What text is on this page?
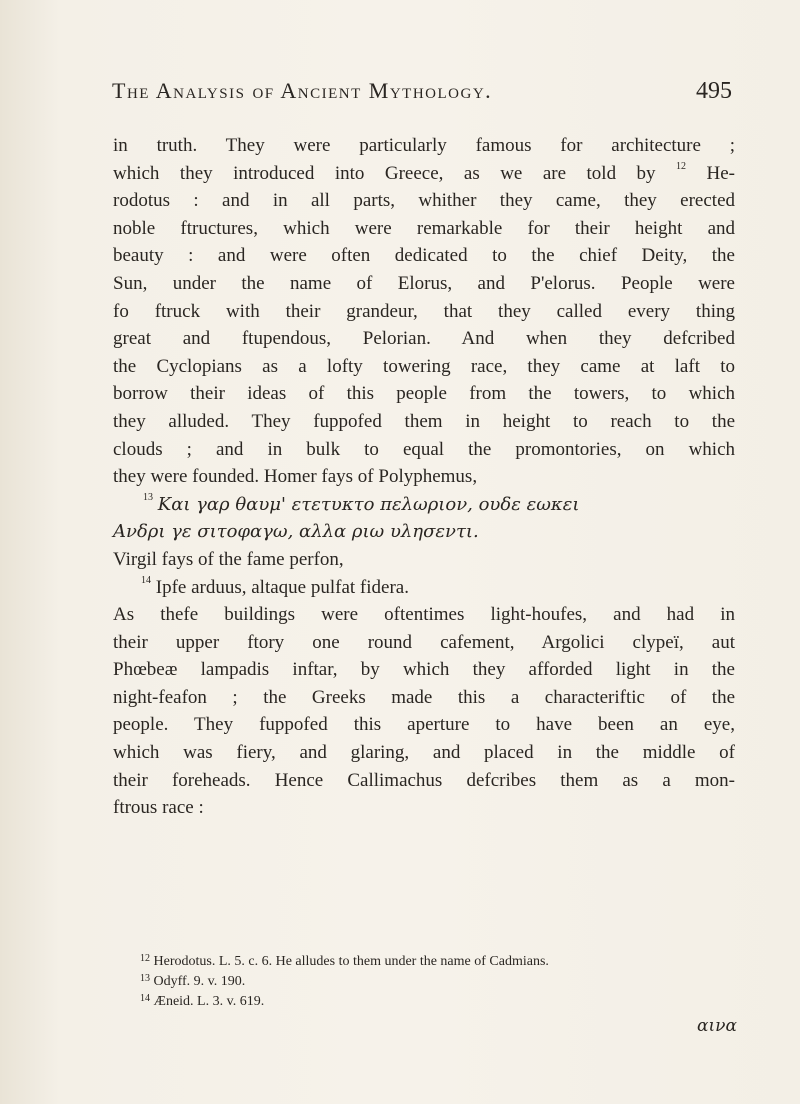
The Analysis of Ancient Mythology.	495
in truth. They were particularly famous for architecture ;
which they introduced into Greece, as we are told by $^{12}$ He-
rodotus : and in all parts, whither they came, they erected
noble ftructures, which were remarkable for their height and
beauty : and were often dedicated to the chief Deity, the
Sun, under the name of Elorus, and P'elorus. People were
fo ftruck with their grandeur, that they called every thing
great and ftupendous, Pelorian. And when they defcribed
the Cyclopians as a lofty towering race, they came at laft to
borrow their ideas of this people from the towers, to which
they alluded. They fuppofed them in height to reach to the
clouds ; and in bulk to equal the promontories, on which
they were founded. Homer fays of Polyphemus,
$^{13}$ Και γαρ θαυμ' ετετυκτο πελωριον, ουδε εωκει
Ανδρι γε σιτοφαγω, αλλα ριω υλησεντι.
Virgil fays of the fame perfon,
$^{14}$ Ipfe arduus, altaque pulfat fidera.
As thefe buildings were oftentimes light-houfes, and had in
their upper ftory one round cafement, Argolici clypeï, aut
Phœbeæ lampadis inftar, by which they afforded light in the
night-feafon ; the Greeks made this a characteriftic of the
people. They fuppofed this aperture to have been an eye,
which was fiery, and glaring, and placed in the middle of
their foreheads. Hence Callimachus defcribes them as a mon-
ftrous race :
$^{12}$ Herodotus. L. 5. c. 6. He alludes to them under the name of Cadmians.
$^{13}$ Odyff. 9. v. 190.
$^{14}$ Æneid. L. 3. v. 619.
αινα
